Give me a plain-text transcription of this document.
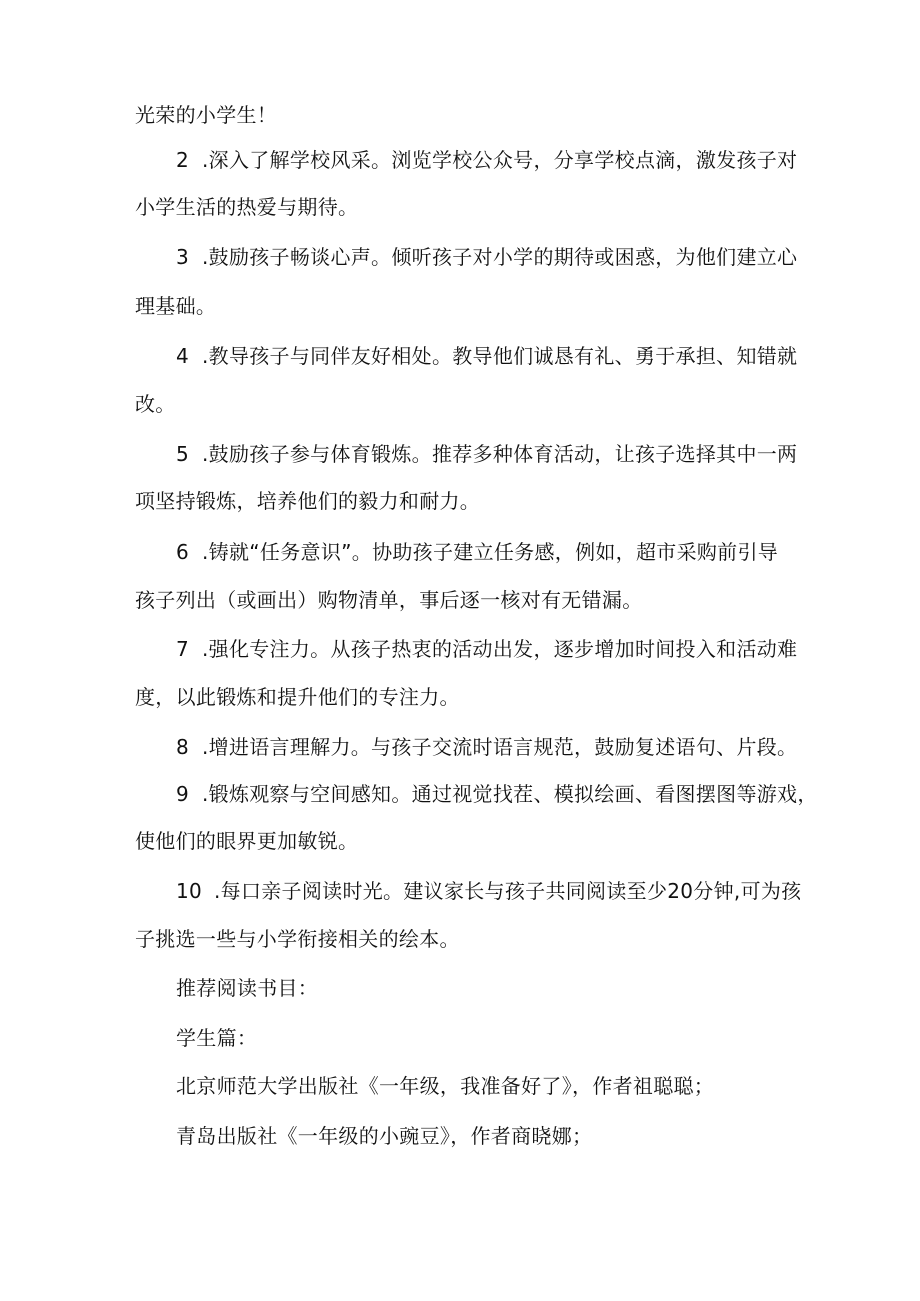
光荣的小学生！
2 .深入了解学校风采。浏览学校公众号，分享学校点滴，激发孩子对
小学生活的热爱与期待。
3 .鼓励孩子畅谈心声。倾听孩子对小学的期待或困惑，为他们建立心
理基础。
4 .教导孩子与同伴友好相处。教导他们诚恳有礼、勇于承担、知错就
改。
5 .鼓励孩子参与体育锻炼。推荐多种体育活动，让孩子选择其中一两
项坚持锻炼，培养他们的毅力和耐力。
6 .铸就“任务意识”。协助孩子建立任务感，例如，超市采购前引导
孩子列出（或画出）购物清单，事后逐一核对有无错漏。
7 .强化专注力。从孩子热衷的活动出发，逐步增加时间投入和活动难
度，以此锻炼和提升他们的专注力。
8 .增进语言理解力。与孩子交流时语言规范，鼓励复述语句、片段。
9 .锻炼观察与空间感知。通过视觉找茬、模拟绘画、看图摆图等游戏，
使他们的眼界更加敏锐。
10 .每口亲子阅读时光。建议家长与孩子共同阅读至少20分钟,可为孩
子挑选一些与小学衔接相关的绘本。
推荐阅读书目：
学生篇：
北京师范大学出版社《一年级，我准备好了》，作者祖聪聪；
青岛出版社《一年级的小豌豆》，作者商晓娜；
